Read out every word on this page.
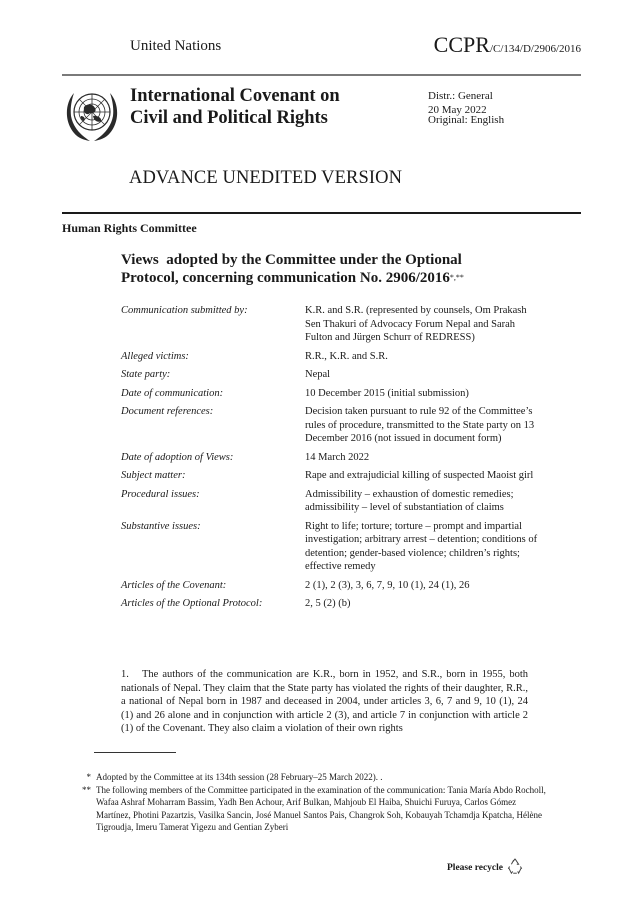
United Nations	CCPR/C/134/D/2906/2016
International Covenant on
Civil and Political Rights
Distr.: General
20 May 2022
Original: English
ADVANCE UNEDITED VERSION
Human Rights Committee
Views  adopted by the Committee under the Optional
Protocol, concerning communication No. 2906/2016*,**
Communication submitted by:	K.R. and S.R. (represented by counsels, Om Prakash Sen Thakuri of Advocacy Forum Nepal and Sarah Fulton and Jürgen Schurr of REDRESS)
Alleged victims:	R.R., K.R. and S.R.
State party:	Nepal
Date of communication:	10 December 2015 (initial submission)
Document references:	Decision taken pursuant to rule 92 of the Committee’s rules of procedure, transmitted to the State party on 13 December 2016 (not issued in document form)
Date of adoption of Views:	14 March 2022
Subject matter:	Rape and extrajudicial killing of suspected Maoist girl
Procedural issues:	Admissibility – exhaustion of domestic remedies; admissibility – level of substantiation of claims
Substantive issues:	Right to life; torture; torture – prompt and impartial investigation; arbitrary arrest – detention; conditions of detention; gender-based violence; children’s rights; effective remedy
Articles of the Covenant:	2 (1), 2 (3), 3, 6, 7, 9, 10 (1), 24 (1), 26
Articles of the Optional Protocol:	2, 5 (2) (b)
1. The authors of the communication are K.R., born in 1952, and S.R., born in 1955, both nationals of Nepal. They claim that the State party has violated the rights of their daughter, R.R., a national of Nepal born in 1987 and deceased in 2004, under articles 3, 6, 7 and 9, 10 (1), 24 (1) and 26 alone and in conjunction with article 2 (3), and article 7 in conjunction with article 2 (1) of the Covenant. They also claim a violation of their own rights
* Adopted by the Committee at its 134th session (28 February–25 March 2022). .
** The following members of the Committee participated in the examination of the communication: Tania María Abdo Rocholl, Wafaa Ashraf Moharram Bassim, Yadh Ben Achour, Arif Bulkan, Mahjoub El Haiba, Shuichi Furuya, Carlos Gómez Martínez, Photini Pazartzis, Vasilka Sancin, José Manuel Santos Pais, Changrok Soh, Kobauyah Tchamdja Kpatcha, Hélène Tigroudja, Imeru Tamerat Yigezu and Gentian Zyberi
Please recycle
